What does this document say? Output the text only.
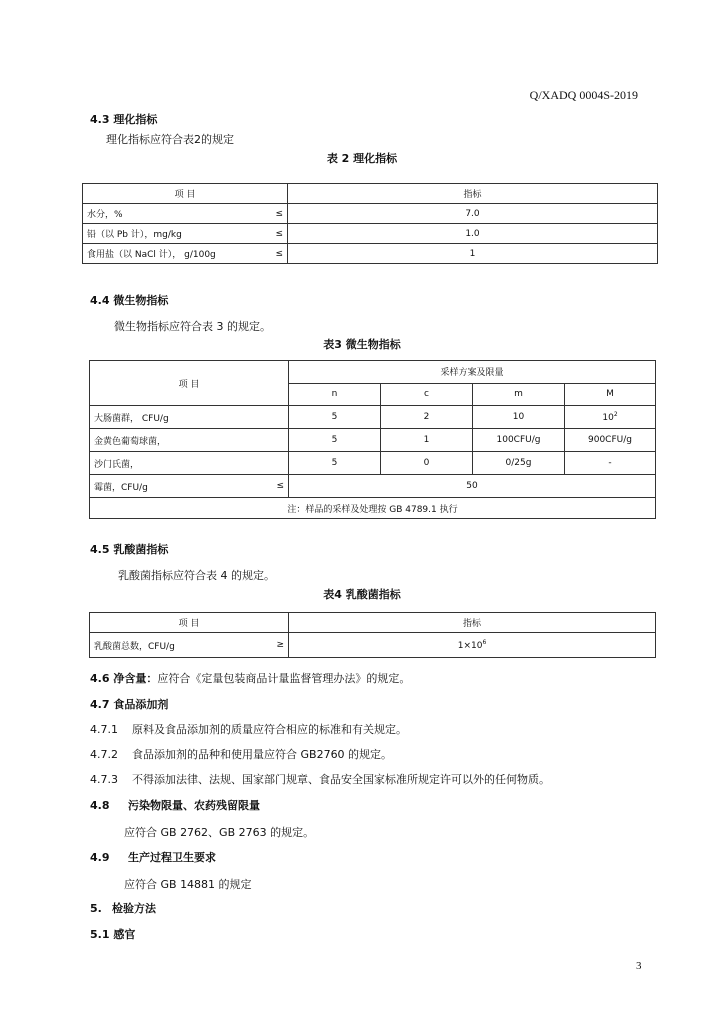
Q/XADQ 0004S-2019
4.3 理化指标
理化指标应符合表2的规定
表 2 理化指标
项 目		指标
水分，%	≤	7.0
铅（以 Pb 计），mg/kg	≤	1.0
食用盐（以 NaCl 计）， g/100g	≤	1
4.4 微生物指标
微生物指标应符合表 3 的规定。
表3 微生物指标
项 目		采样方案及限量			
		n	c	m	M
大肠菌群， CFU/g		5	2	10	$10^2$
金黄色葡萄球菌，		5	1	100CFU/g	900CFU/g
沙门氏菌，		5	0	0/25g	-
霉菌，CFU/g	≤	50			
注：样品的采样及处理按 GB 4789.1 执行					
4.5 乳酸菌指标
乳酸菌指标应符合表 4 的规定。
表4 乳酸菌指标
项 目		指标
乳酸菌总数，CFU/g	≥	$1\times 10^6$
4.6 净含量：应符合《定量包装商品计量监督管理办法》的规定。
4.7 食品添加剂
4.7.1 原料及食品添加剂的质量应符合相应的标准和有关规定。
4.7.2 食品添加剂的品种和使用量应符合 GB2760 的规定。
4.7.3 不得添加法律、法规、国家部门规章、食品安全国家标准所规定许可以外的任何物质。
4.8 污染物限量、农药残留限量
应符合 GB 2762、GB 2763 的规定。
4.9 生产过程卫生要求
应符合 GB 14881 的规定
5. 检验方法
5.1 感官
3
